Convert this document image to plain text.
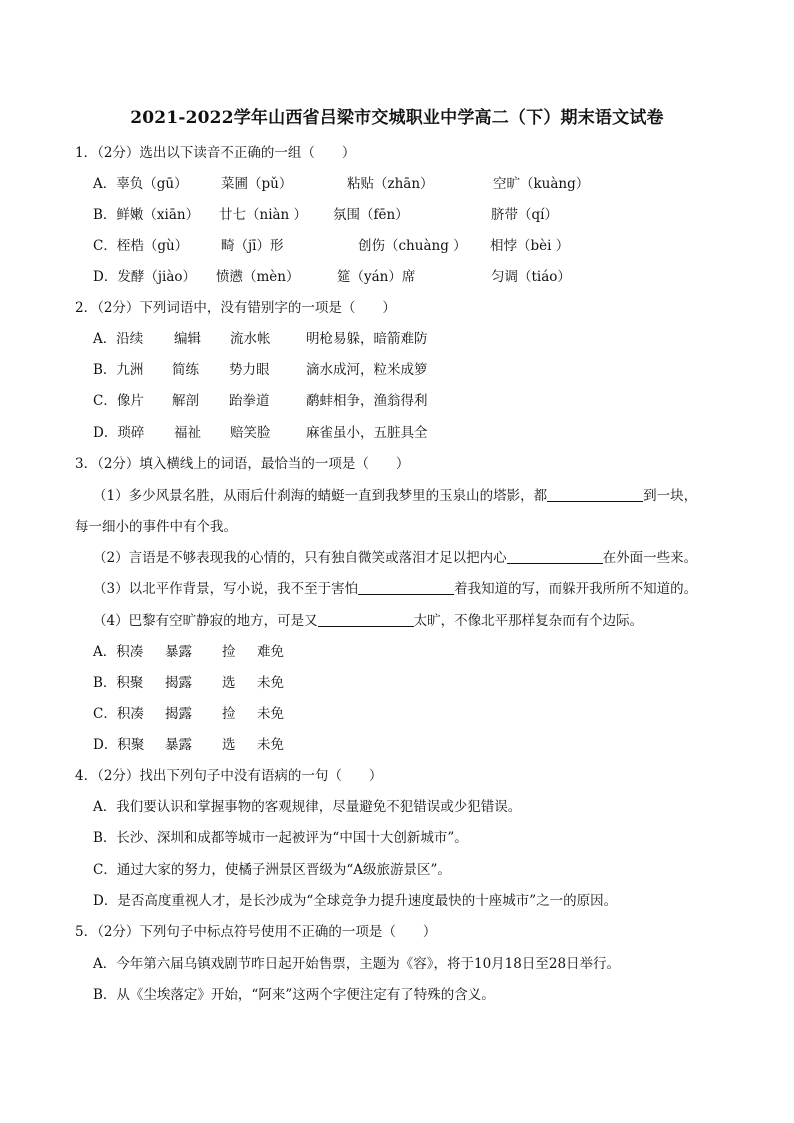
2021-2022学年山西省吕梁市交城职业中学高二（下）期末语文试卷
1．（2分）选出以下读音不正确的一组（　　）
A．辜负（gū） 菜圃（pǔ）	粘贴（zhān）	空旷（kuàng）
B．鲜嫩（xiān） 廿七（niàn ） 氛围（fēn）	脐带（qí）
C．桎梏（gù） 畸（jī）形	创伤（chuàng ） 相悖（bèi ）
D．发酵（jiào） 愤懑（mèn）	筵（yán）席	匀调（tiáo）
2．（2分）下列词语中，没有错别字的一项是（　　）
A．沿续 编辑 流水帐	明枪易躲，暗箭难防
B．九洲 简练 势力眼	滴水成河，粒米成箩
C．像片 解剖 跆拳道	鹬蚌相争，渔翁得利
D．琐碎 福祉 赔笑脸	麻雀虽小，五脏具全
3．（2分）填入横线上的词语，最恰当的一项是（　　）
（1）多少风景名胜，从雨后什刹海的蜻蜓一直到我梦里的玉泉山的塔影，都	到一块，
每一细小的事件中有个我。
（2）言语是不够表现我的心情的，只有独自微笑或落泪才足以把内心	在外面一些来。
（3）以北平作背景，写小说，我不至于害怕	着我知道的写，而躲开我所所不知道的。
（4）巴黎有空旷静寂的地方，可是又	太旷，不像北平那样复杂而有个边际。
A．积凑 暴露 捡 难免
B．积聚 揭露 选 未免
C．积凑 揭露 捡 未免
D．积聚 暴露 选 未免
4．（2分）找出下列句子中没有语病的一句（　　）
A．我们要认识和掌握事物的客观规律，尽量避免不犯错误或少犯错误。
B．长沙、深圳和成都等城市一起被评为“中国十大创新城市”。
C．通过大家的努力，使橘子洲景区晋级为“A级旅游景区”。
D．是否高度重视人才，是长沙成为“全球竞争力提升速度最快的十座城市”之一的原因。
5．（2分）下列句子中标点符号使用不正确的一项是（　　）
A．今年第六届乌镇戏剧节昨日起开始售票，主题为《容》，将于10月18日至28日举行。
B．从《尘埃落定》开始，“阿来”这两个字便注定有了特殊的含义。
